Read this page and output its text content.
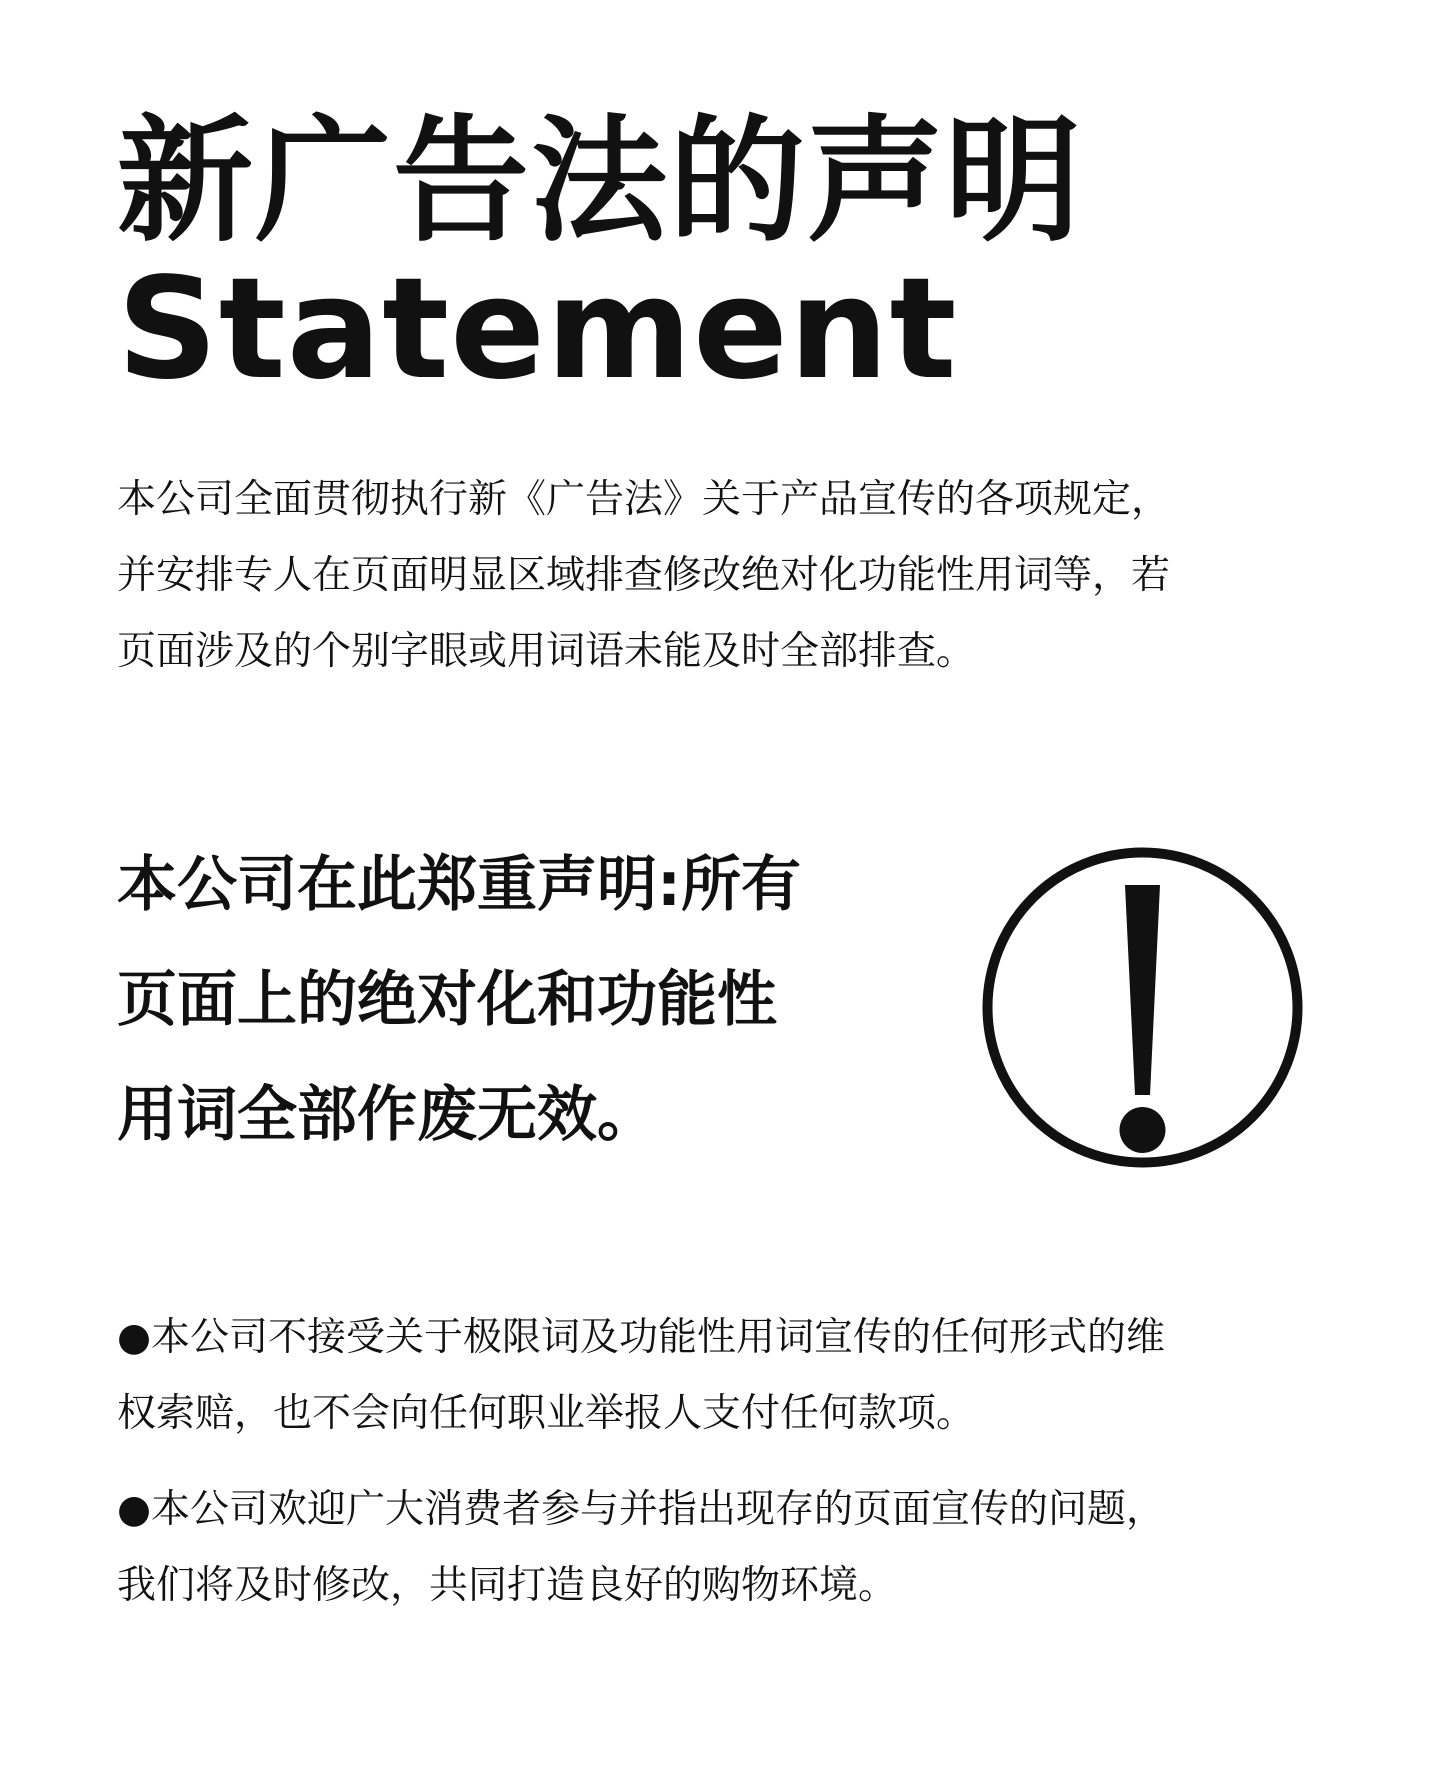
新广告法的声明
Statement

本公司全面贯彻执行新《广告法》关于产品宣传的各项规定，
并安排专人在页面明显区域排查修改绝对化功能性用词等，若
页面涉及的个别字眼或用词语未能及时全部排查。

本公司在此郑重声明:所有
页面上的绝对化和功能性
用词全部作废无效。

●本公司不接受关于极限词及功能性用词宣传的任何形式的维
权索赔，也不会向任何职业举报人支付任何款项。

●本公司欢迎广大消费者参与并指出现存的页面宣传的问题，
我们将及时修改，共同打造良好的购物环境。
